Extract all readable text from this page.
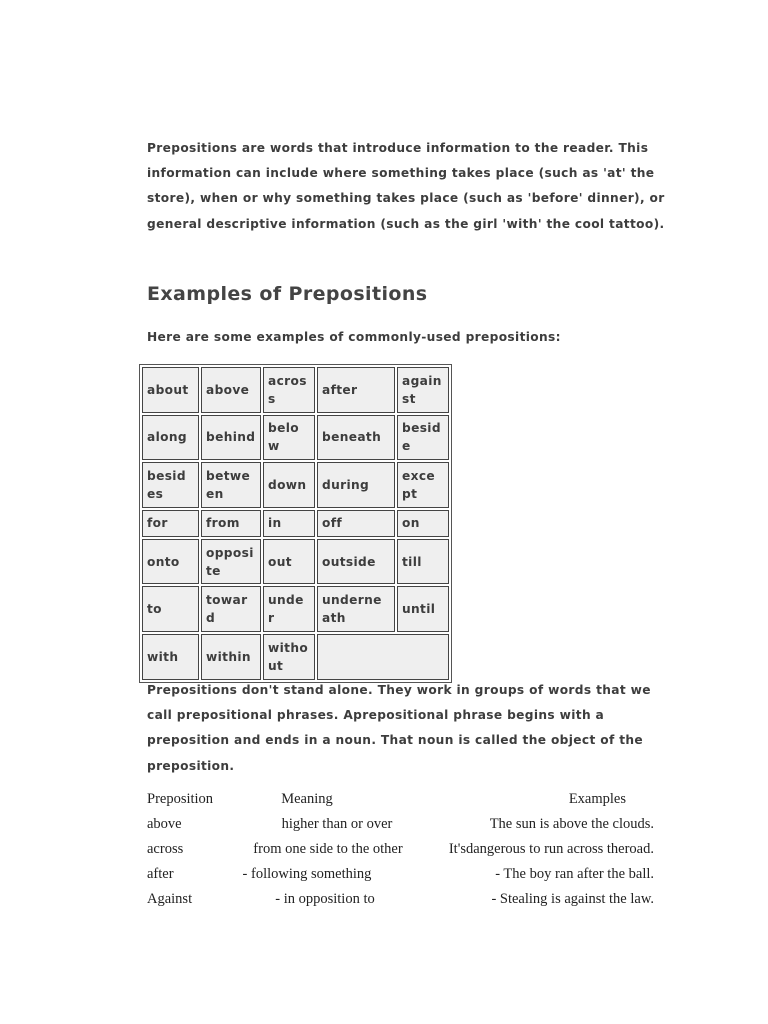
Prepositions are words that introduce information to the reader. This information can include where something takes place (such as 'at' the store), when or why something takes place (such as 'before' dinner), or general descriptive information (such as the girl 'with' the cool tattoo).

Examples of Prepositions

Here are some examples of commonly-used prepositions:

about	above	across	after	against
along	behind	below	beneath	beside
besides	between	down	during	except
for	from	in	off	on
onto	opposite	out	outside	till
to	toward	under	underneath	until
with	within	without		

Prepositions don't stand alone. They work in groups of words that we call prepositional phrases. Aprepositional phrase begins with a preposition and ends in a noun. That noun is called the object of the preposition.

Preposition	Meaning	Examples
above	higher than or over	The sun is above the clouds.
across	from one side to the other	It'sdangerous to run across theroad.
after	- following something	- The boy ran after the ball.
Against	- in opposition to	- Stealing is against the law.
